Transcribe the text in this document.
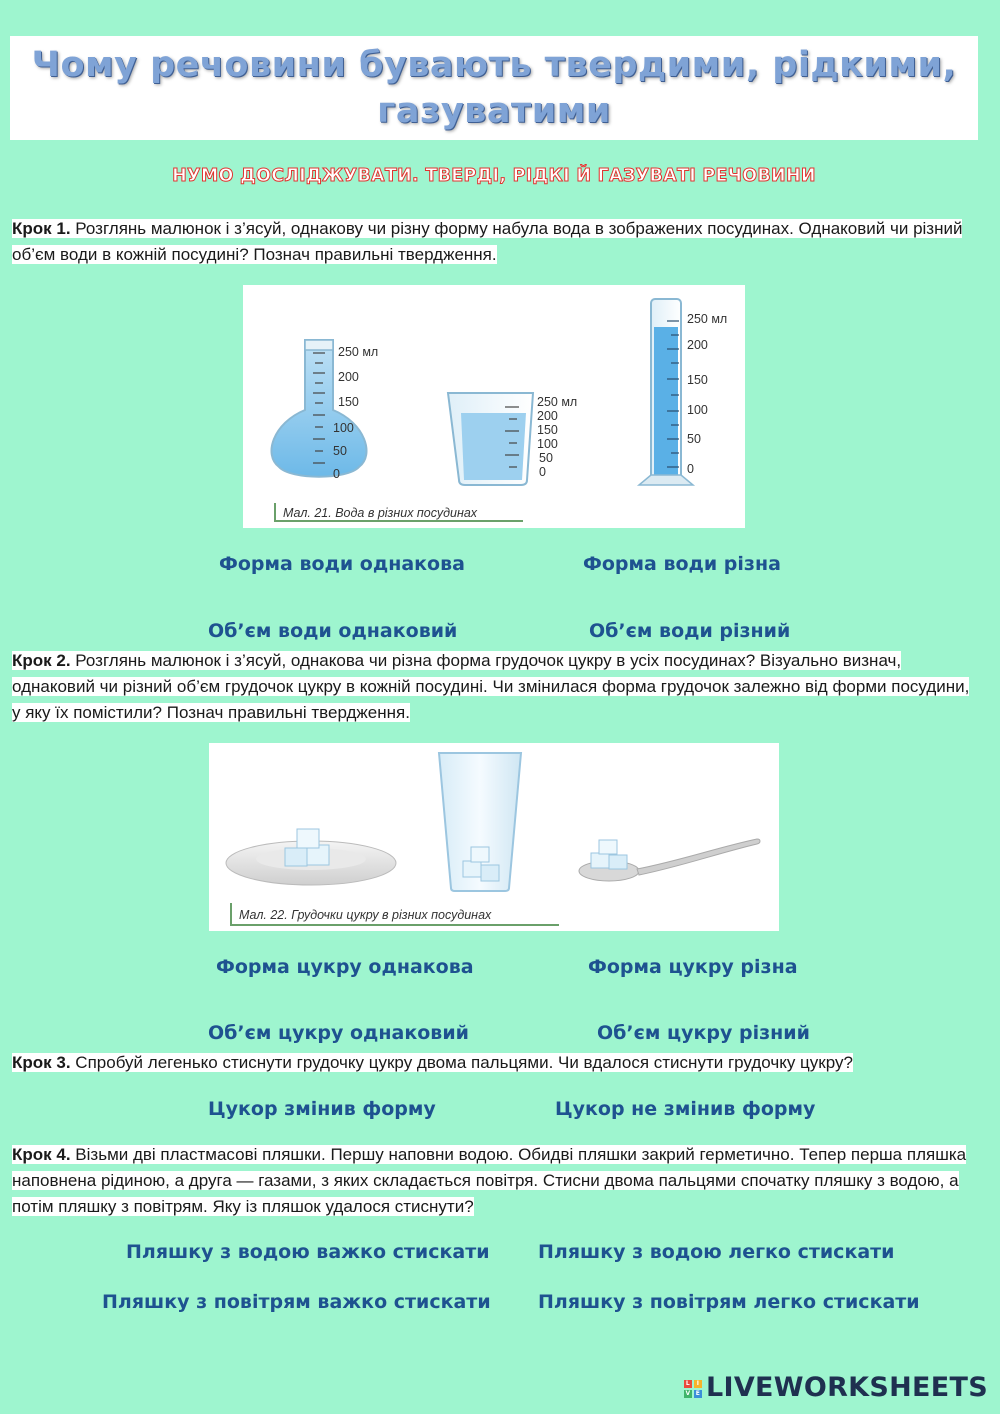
Чому речовини бувають твердими, рідкими, газуватими
НУМО ДОСЛІДЖУВАТИ. ТВЕРДІ, РІДКІ Й ГАЗУВАТІ РЕЧОВИНИ

Крок 1. Розглянь малюнок і з’ясуй, однакову чи різну форму набула вода в зображених посудинах. Однаковий чи різний об’єм води в кожній посудині? Познач правильні твердження.

250 мл
200
150
100
50
0
250 мл
200
150
100
50
0
250 мл
200
150
100
50
0
Мал. 21. Вода в різних посудинах
Форма води однакова	Форма води різна
Об’єм води однаковий	Об’єм води різний

Крок 2. Розглянь малюнок і з’ясуй, однакова чи різна форма грудочок цукру в усіх посудинах? Візуально визнач, однаковий чи різний об’єм грудочок цукру в кожній посудині. Чи змінилася форма грудочок залежно від форми посудини, у яку їх помістили? Познач правильні твердження.

Мал. 22. Грудочки цукру в різних посудинах
Форма цукру однакова	Форма цукру різна
Об’єм цукру однаковий	Об’єм цукру різний

Крок 3. Спробуй легенько стиснути грудочку цукру двома пальцями. Чи вдалося стиснути грудочку цукру?

Цукор змінив форму	Цукор не змінив форму

Крок 4. Візьми дві пластмасові пляшки. Першу наповни водою. Обидві пляшки закрий герметично. Тепер перша пляшка наповнена рідиною, а друга — газами, з яких складається повітря. Стисни двома пальцями спочатку пляшку з водою, а потім пляшку з повітрям. Яку із пляшок удалося стиснути?

Пляшку з водою важко стискати	Пляшку з водою легко стискати
Пляшку з повітрям важко стискати Пляшку з повітрям легко стискати
L	I
V E LIVEWORKSHEETS
